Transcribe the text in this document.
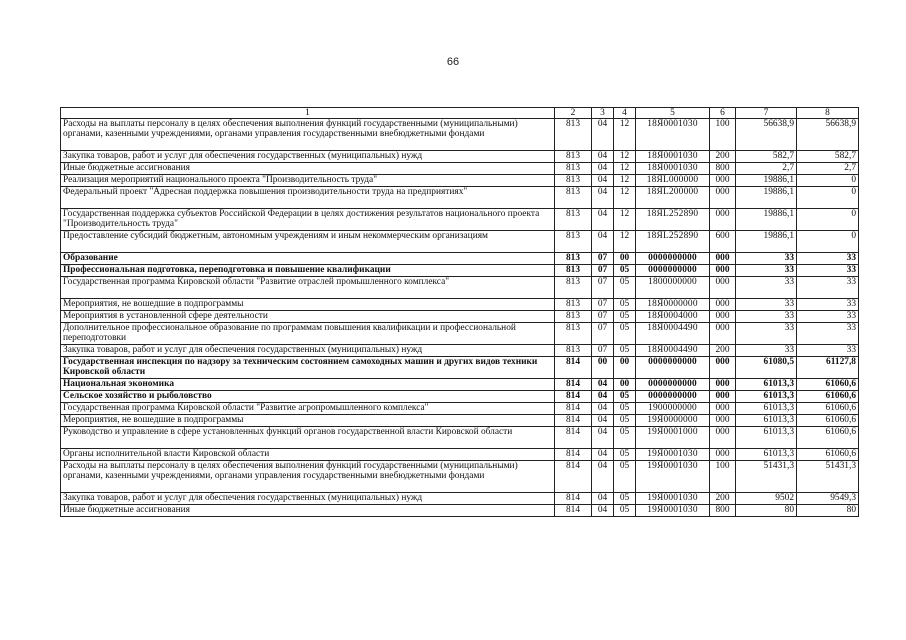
66
1	2	3	4	5	6	7	8
Расходы на выплаты персоналу в целях обеспечения выполнения функций государственными (муниципальными) органами, казенными учреждениями, органами управления государственными внебюджетными фондами	813	04	12	18Я0001030	100	56638,9	56638,9
Закупка товаров, работ и услуг для обеспечения государственных (муниципальных) нужд	813	04	12	18Я0001030	200	582,7	582,7
Иные бюджетные ассигнования	813	04	12	18Я0001030	800	2,7	2,7
Реализация мероприятий национального проекта "Производительность труда"	813	04	12	18ЯL000000	000	19886,1	0
Федеральный проект "Адресная поддержка повышения производительности труда на предприятиях"	813	04	12	18ЯL200000	000	19886,1	0
Государственная поддержка субъектов Российской Федерации в целях достижения результатов национального проекта "Производительность труда"	813	04	12	18ЯL252890	000	19886,1	0
Предоставление субсидий бюджетным, автономным учреждениям и иным некоммерческим организациям	813	04	12	18ЯL252890	600	19886,1	0
Образование	813	07	00	0000000000	000	33	33
Профессиональная подготовка, переподготовка и повышение квалификации	813	07	05	0000000000	000	33	33
Государственная программа Кировской области "Развитие отраслей промышленного комплекса"	813	07	05	1800000000	000	33	33
Мероприятия, не вошедшие в подпрограммы	813	07	05	18Я0000000	000	33	33
Мероприятия в установленной сфере деятельности	813	07	05	18Я0004000	000	33	33
Дополнительное профессиональное образование по программам повышения квалификации и профессиональной переподготовки	813	07	05	18Я0004490	000	33	33
Закупка товаров, работ и услуг для обеспечения государственных (муниципальных) нужд	813	07	05	18Я0004490	200	33	33
Государственная инспекция по надзору за техническим состоянием самоходных машин и других видов техники Кировской области	814	00	00	0000000000	000	61080,5	61127,8
Национальная экономика	814	04	00	0000000000	000	61013,3	61060,6
Сельское хозяйство и рыболовство	814	04	05	0000000000	000	61013,3	61060,6
Государственная программа Кировской области "Развитие агропромышленного комплекса"	814	04	05	1900000000	000	61013,3	61060,6
Мероприятия, не вошедшие в подпрограммы	814	04	05	19Я0000000	000	61013,3	61060,6
Руководство и управление в сфере установленных функций органов государственной власти Кировской области	814	04	05	19Я0001000	000	61013,3	61060,6
Органы исполнительной власти Кировской области	814	04	05	19Я0001030	000	61013,3	61060,6
Расходы на выплаты персоналу в целях обеспечения выполнения функций государственными (муниципальными) органами, казенными учреждениями, органами управления государственными внебюджетными фондами	814	04	05	19Я0001030	100	51431,3	51431,3
Закупка товаров, работ и услуг для обеспечения государственных (муниципальных) нужд	814	04	05	19Я0001030	200	9502	9549,3
Иные бюджетные ассигнования	814	04	05	19Я0001030	800	80	80
